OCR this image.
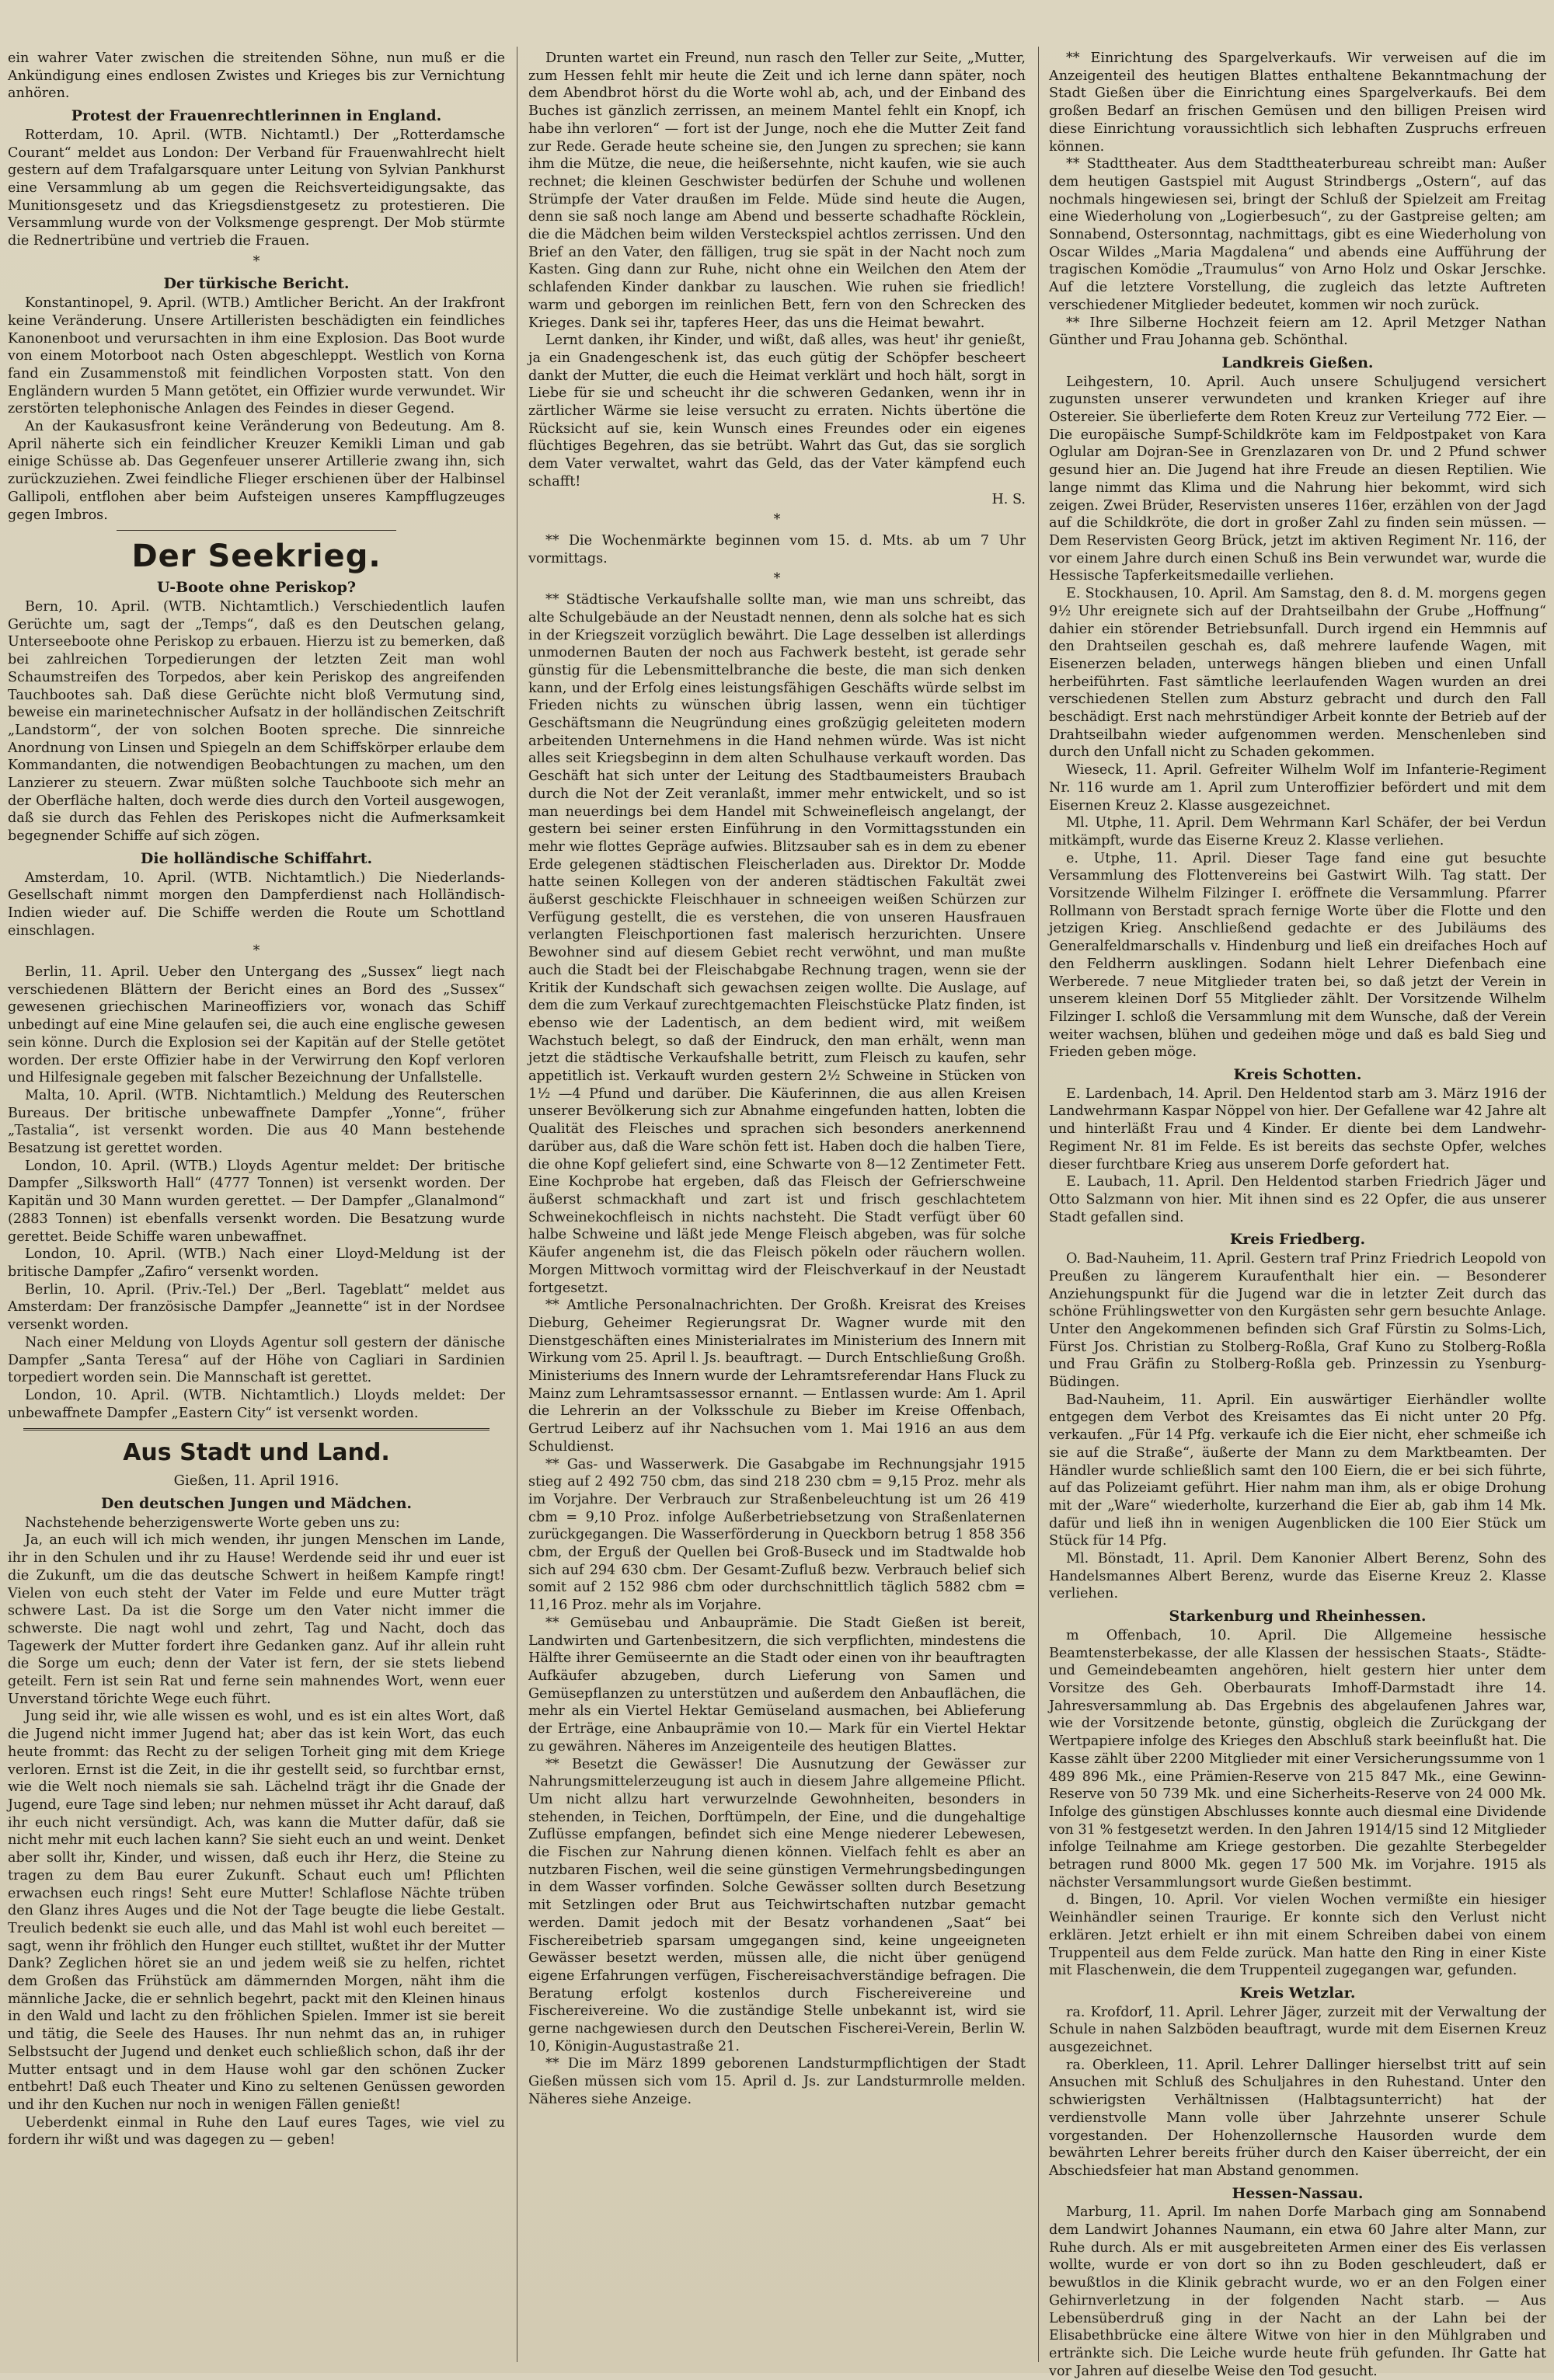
ein wahrer Vater zwischen die streitenden Söhne, nun muß er die Ankündigung eines endlosen Zwistes und Krieges bis zur Vernichtung anhören.

Protest der Frauenrechtlerinnen in England.

Rotterdam, 10. April. (WTB. Nichtamtl.) Der „Rotterdamsche Courant“ meldet aus London: Der Verband für Frauenwahlrecht hielt gestern auf dem Trafalgarsquare unter Leitung von Sylvian Pankhurst eine Versammlung ab um gegen die Reichsverteidigungsakte, das Munitionsgesetz und das Kriegsdienstgesetz zu protestieren. Die Versammlung wurde von der Volksmenge gesprengt. Der Mob stürmte die Rednertribüne und vertrieb die Frauen.

*
Der türkische Bericht.

Konstantinopel, 9. April. (WTB.) Amtlicher Bericht. An der Irakfront keine Veränderung. Unsere Artilleristen beschädigten ein feindliches Kanonenboot und verursachten in ihm eine Explosion. Das Boot wurde von einem Motorboot nach Osten abgeschleppt. Westlich von Korna fand ein Zusammenstoß mit feindlichen Vorposten statt. Von den Engländern wurden 5 Mann getötet, ein Offizier wurde verwundet. Wir zerstörten telephonische Anlagen des Feindes in dieser Gegend.

An der Kaukasusfront keine Veränderung von Bedeutung. Am 8. April näherte sich ein feindlicher Kreuzer Kemikli Liman und gab einige Schüsse ab. Das Gegenfeuer unserer Artillerie zwang ihn, sich zurückzuziehen. Zwei feindliche Flieger erschienen über der Halbinsel Gallipoli, entflohen aber beim Aufsteigen unseres Kampfflugzeuges gegen Imbros.

Der Seekrieg.
U-Boote ohne Periskop?

Bern, 10. April. (WTB. Nichtamtlich.) Verschiedentlich laufen Gerüchte um, sagt der „Temps“, daß es den Deutschen gelang, Unterseeboote ohne Periskop zu erbauen. Hierzu ist zu bemerken, daß bei zahlreichen Torpedierungen der letzten Zeit man wohl Schaumstreifen des Torpedos, aber kein Periskop des angreifenden Tauchbootes sah. Daß diese Gerüchte nicht bloß Vermutung sind, beweise ein marinetechnischer Aufsatz in der holländischen Zeitschrift „Landstorm“, der von solchen Booten spreche. Die sinnreiche Anordnung von Linsen und Spiegeln an dem Schiffskörper erlaube dem Kommandanten, die notwendigen Beobachtungen zu machen, um den Lanzierer zu steuern. Zwar müßten solche Tauchboote sich mehr an der Oberfläche halten, doch werde dies durch den Vorteil ausgewogen, daß sie durch das Fehlen des Periskopes nicht die Aufmerksamkeit begegnender Schiffe auf sich zögen.

Die holländische Schiffahrt.

Amsterdam, 10. April. (WTB. Nichtamtlich.) Die Niederlands-Gesellschaft nimmt morgen den Dampferdienst nach Holländisch-Indien wieder auf. Die Schiffe werden die Route um Schottland einschlagen.

*

Berlin, 11. April. Ueber den Untergang des „Sussex“ liegt nach verschiedenen Blättern der Bericht eines an Bord des „Sussex“ gewesenen griechischen Marineoffiziers vor, wonach das Schiff unbedingt auf eine Mine gelaufen sei, die auch eine englische gewesen sein könne. Durch die Explosion sei der Kapitän auf der Stelle getötet worden. Der erste Offizier habe in der Verwirrung den Kopf verloren und Hilfesignale gegeben mit falscher Bezeichnung der Unfallstelle.

Malta, 10. April. (WTB. Nichtamtlich.) Meldung des Reuterschen Bureaus. Der britische unbewaffnete Dampfer „Yonne“, früher „Tastalia“, ist versenkt worden. Die aus 40 Mann bestehende Besatzung ist gerettet worden.

London, 10. April. (WTB.) Lloyds Agentur meldet: Der britische Dampfer „Silksworth Hall“ (4777 Tonnen) ist versenkt worden. Der Kapitän und 30 Mann wurden gerettet. — Der Dampfer „Glanalmond“ (2883 Tonnen) ist ebenfalls versenkt worden. Die Besatzung wurde gerettet. Beide Schiffe waren unbewaffnet.

London, 10. April. (WTB.) Nach einer Lloyd-Meldung ist der britische Dampfer „Zafiro“ versenkt worden.

Berlin, 10. April. (Priv.-Tel.) Der „Berl. Tageblatt“ meldet aus Amsterdam: Der französische Dampfer „Jeannette“ ist in der Nordsee versenkt worden.

Nach einer Meldung von Lloyds Agentur soll gestern der dänische Dampfer „Santa Teresa“ auf der Höhe von Cagliari in Sardinien torpediert worden sein. Die Mannschaft ist gerettet.

London, 10. April. (WTB. Nichtamtlich.) Lloyds meldet: Der unbewaffnete Dampfer „Eastern City“ ist versenkt worden.

Aus Stadt und Land.
Gießen, 11. April 1916.
Den deutschen Jungen und Mädchen.

Nachstehende beherzigenswerte Worte geben uns zu:

Ja, an euch will ich mich wenden, ihr jungen Menschen im Lande, ihr in den Schulen und ihr zu Hause! Werdende seid ihr und euer ist die Zukunft, um die das deutsche Schwert in heißem Kampfe ringt! Vielen von euch steht der Vater im Felde und eure Mutter trägt schwere Last. Da ist die Sorge um den Vater nicht immer die schwerste. Die nagt wohl und zehrt, Tag und Nacht, doch das Tagewerk der Mutter fordert ihre Gedanken ganz. Auf ihr allein ruht die Sorge um euch; denn der Vater ist fern, der sie stets liebend geteilt. Fern ist sein Rat und ferne sein mahnendes Wort, wenn euer Unverstand törichte Wege euch führt.

Jung seid ihr, wie alle wissen es wohl, und es ist ein altes Wort, daß die Jugend nicht immer Jugend hat; aber das ist kein Wort, das euch heute frommt: das Recht zu der seligen Torheit ging mit dem Kriege verloren. Ernst ist die Zeit, in die ihr gestellt seid, so furchtbar ernst, wie die Welt noch niemals sie sah. Lächelnd trägt ihr die Gnade der Jugend, eure Tage sind leben; nur nehmen müsset ihr Acht darauf, daß ihr euch nicht versündigt. Ach, was kann die Mutter dafür, daß sie nicht mehr mit euch lachen kann? Sie sieht euch an und weint. Denket aber sollt ihr, Kinder, und wissen, daß euch ihr Herz, die Steine zu tragen zu dem Bau eurer Zukunft. Schaut euch um! Pflichten erwachsen euch rings! Seht eure Mutter! Schlaflose Nächte trüben den Glanz ihres Auges und die Not der Tage beugte die liebe Gestalt. Treulich bedenkt sie euch alle, und das Mahl ist wohl euch bereitet — sagt, wenn ihr fröhlich den Hunger euch stilltet, wußtet ihr der Mutter Dank? Zeglichen höret sie an und jedem weiß sie zu helfen, richtet dem Großen das Frühstück am dämmernden Morgen, näht ihm die männliche Jacke, die er sehnlich begehrt, packt mit den Kleinen hinaus in den Wald und lacht zu den fröhlichen Spielen. Immer ist sie bereit und tätig, die Seele des Hauses. Ihr nun nehmt das an, in ruhiger Selbstsucht der Jugend und denket euch schließlich schon, daß ihr der Mutter entsagt und in dem Hause wohl gar den schönen Zucker entbehrt! Daß euch Theater und Kino zu seltenen Genüssen geworden und ihr den Kuchen nur noch in wenigen Fällen genießt!

Ueberdenkt einmal in Ruhe den Lauf eures Tages, wie viel zu fordern ihr wißt und was dagegen zu — geben!

Drunten wartet ein Freund, nun rasch den Teller zur Seite, „Mutter, zum Hessen fehlt mir heute die Zeit und ich lerne dann später, noch dem Abendbrot hörst du die Worte wohl ab, ach, und der Einband des Buches ist gänzlich zerrissen, an meinem Mantel fehlt ein Knopf, ich habe ihn verloren“ — fort ist der Junge, noch ehe die Mutter Zeit fand zur Rede. Gerade heute scheine sie, den Jungen zu sprechen; sie kann ihm die Mütze, die neue, die heißersehnte, nicht kaufen, wie sie auch rechnet; die kleinen Geschwister bedürfen der Schuhe und wollenen Strümpfe der Vater draußen im Felde. Müde sind heute die Augen, denn sie saß noch lange am Abend und besserte schadhafte Röcklein, die die Mädchen beim wilden Versteckspiel achtlos zerrissen. Und den Brief an den Vater, den fälligen, trug sie spät in der Nacht noch zum Kasten. Ging dann zur Ruhe, nicht ohne ein Weilchen den Atem der schlafenden Kinder dankbar zu lauschen. Wie ruhen sie friedlich! warm und geborgen im reinlichen Bett, fern von den Schrecken des Krieges. Dank sei ihr, tapferes Heer, das uns die Heimat bewahrt.

Lernt danken, ihr Kinder, und wißt, daß alles, was heut' ihr genießt, ja ein Gnadengeschenk ist, das euch gütig der Schöpfer bescheert dankt der Mutter, die euch die Heimat verklärt und hoch hält, sorgt in Liebe für sie und scheucht ihr die schweren Gedanken, wenn ihr in zärtlicher Wärme sie leise versucht zu erraten. Nichts übertöne die Rücksicht auf sie, kein Wunsch eines Freundes oder ein eigenes flüchtiges Begehren, das sie betrübt. Wahrt das Gut, das sie sorglich dem Vater verwaltet, wahrt das Geld, das der Vater kämpfend euch schafft!

H. S.
*

** Die Wochenmärkte beginnen vom 15. d. Mts. ab um 7 Uhr vormittags.

*

** Städtische Verkaufshalle sollte man, wie man uns schreibt, das alte Schulgebäude an der Neustadt nennen, denn als solche hat es sich in der Kriegszeit vorzüglich bewährt. Die Lage desselben ist allerdings unmodernen Bauten der noch aus Fachwerk besteht, ist gerade sehr günstig für die Lebensmittelbranche die beste, die man sich denken kann, und der Erfolg eines leistungsfähigen Geschäfts würde selbst im Frieden nichts zu wünschen übrig lassen, wenn ein tüchtiger Geschäftsmann die Neugründung eines großzügig geleiteten modern arbeitenden Unternehmens in die Hand nehmen würde. Was ist nicht alles seit Kriegsbeginn in dem alten Schulhause verkauft worden. Das Geschäft hat sich unter der Leitung des Stadtbaumeisters Braubach durch die Not der Zeit veranlaßt, immer mehr entwickelt, und so ist man neuerdings bei dem Handel mit Schweinefleisch angelangt, der gestern bei seiner ersten Einführung in den Vormittagsstunden ein mehr wie flottes Gepräge aufwies. Blitzsauber sah es in dem zu ebener Erde gelegenen städtischen Fleischerladen aus. Direktor Dr. Modde hatte seinen Kollegen von der anderen städtischen Fakultät zwei äußerst geschickte Fleischhauer in schneeigen weißen Schürzen zur Verfügung gestellt, die es verstehen, die von unseren Hausfrauen verlangten Fleischportionen fast malerisch herzurichten. Unsere Bewohner sind auf diesem Gebiet recht verwöhnt, und man mußte auch die Stadt bei der Fleischabgabe Rechnung tragen, wenn sie der Kritik der Kundschaft sich gewachsen zeigen wollte. Die Auslage, auf dem die zum Verkauf zurechtgemachten Fleischstücke Platz finden, ist ebenso wie der Ladentisch, an dem bedient wird, mit weißem Wachstuch belegt, so daß der Eindruck, den man erhält, wenn man jetzt die städtische Verkaufshalle betritt, zum Fleisch zu kaufen, sehr appetitlich ist. Verkauft wurden gestern 2½ Schweine in Stücken von 1½ —4 Pfund und darüber. Die Käuferinnen, die aus allen Kreisen unserer Bevölkerung sich zur Abnahme eingefunden hatten, lobten die Qualität des Fleisches und sprachen sich besonders anerkennend darüber aus, daß die Ware schön fett ist. Haben doch die halben Tiere, die ohne Kopf geliefert sind, eine Schwarte von 8—12 Zentimeter Fett. Eine Kochprobe hat ergeben, daß das Fleisch der Gefrierschweine äußerst schmackhaft und zart ist und frisch geschlachtetem Schweinekochfleisch in nichts nachsteht. Die Stadt verfügt über 60 halbe Schweine und läßt jede Menge Fleisch abgeben, was für solche Käufer angenehm ist, die das Fleisch pökeln oder räuchern wollen. Morgen Mittwoch vormittag wird der Fleischverkauf in der Neustadt fortgesetzt.

** Amtliche Personalnachrichten. Der Großh. Kreisrat des Kreises Dieburg, Geheimer Regierungsrat Dr. Wagner wurde mit den Dienstgeschäften eines Ministerialrates im Ministerium des Innern mit Wirkung vom 25. April l. Js. beauftragt. — Durch Entschließung Großh. Ministeriums des Innern wurde der Lehramtsreferendar Hans Fluck zu Mainz zum Lehramtsassessor ernannt. — Entlassen wurde: Am 1. April die Lehrerin an der Volksschule zu Bieber im Kreise Offenbach, Gertrud Leiberz auf ihr Nachsuchen vom 1. Mai 1916 an aus dem Schuldienst.

** Gas- und Wasserwerk. Die Gasabgabe im Rechnungsjahr 1915 stieg auf 2 492 750 cbm, das sind 218 230 cbm = 9,15 Proz. mehr als im Vorjahre. Der Verbrauch zur Straßenbeleuchtung ist um 26 419 cbm = 9,10 Proz. infolge Außerbetriebsetzung von Straßenlaternen zurückgegangen. Die Wasserförderung in Queckborn betrug 1 858 356 cbm, der Erguß der Quellen bei Groß-Buseck und im Stadtwalde hob sich auf 294 630 cbm. Der Gesamt-Zufluß bezw. Verbrauch belief sich somit auf 2 152 986 cbm oder durchschnittlich täglich 5882 cbm = 11,16 Proz. mehr als im Vorjahre.

** Gemüsebau und Anbauprämie. Die Stadt Gießen ist bereit, Landwirten und Gartenbesitzern, die sich verpflichten, mindestens die Hälfte ihrer Gemüseernte an die Stadt oder einen von ihr beauftragten Aufkäufer abzugeben, durch Lieferung von Samen und Gemüsepflanzen zu unterstützen und außerdem den Anbauflächen, die mehr als ein Viertel Hektar Gemüseland ausmachen, bei Ablieferung der Erträge, eine Anbauprämie von 10.— Mark für ein Viertel Hektar zu gewähren. Näheres im Anzeigenteile des heutigen Blattes.

** Besetzt die Gewässer! Die Ausnutzung der Gewässer zur Nahrungsmittelerzeugung ist auch in diesem Jahre allgemeine Pflicht. Um nicht allzu hart verwurzelnde Gewohnheiten, besonders in stehenden, in Teichen, Dorftümpeln, der Eine, und die dungehaltige Zuflüsse empfangen, befindet sich eine Menge niederer Lebewesen, die Fischen zur Nahrung dienen können. Vielfach fehlt es aber an nutzbaren Fischen, weil die seine günstigen Vermehrungsbedingungen in dem Wasser vorfinden. Solche Gewässer sollten durch Besetzung mit Setzlingen oder Brut aus Teichwirtschaften nutzbar gemacht werden. Damit jedoch mit der Besatz vorhandenen „Saat“ bei Fischereibetrieb sparsam umgegangen sind, keine ungeeigneten Gewässer besetzt werden, müssen alle, die nicht über genügend eigene Erfahrungen verfügen, Fischereisachverständige befragen. Die Beratung erfolgt kostenlos durch Fischereivereine und Fischereivereine. Wo die zuständige Stelle unbekannt ist, wird sie gerne nachgewiesen durch den Deutschen Fischerei-Verein, Berlin W. 10, Königin-Augustastraße 21.

** Die im März 1899 geborenen Landsturmpflichtigen der Stadt Gießen müssen sich vom 15. April d. Js. zur Landsturmrolle melden. Näheres siehe Anzeige.

** Einrichtung des Spargelverkaufs. Wir verweisen auf die im Anzeigenteil des heutigen Blattes enthaltene Bekanntmachung der Stadt Gießen über die Einrichtung eines Spargelverkaufs. Bei dem großen Bedarf an frischen Gemüsen und den billigen Preisen wird diese Einrichtung voraussichtlich sich lebhaften Zuspruchs erfreuen können.

** Stadttheater. Aus dem Stadttheaterbureau schreibt man: Außer dem heutigen Gastspiel mit August Strindbergs „Ostern“, auf das nochmals hingewiesen sei, bringt der Schluß der Spielzeit am Freitag eine Wiederholung von „Logierbesuch“, zu der Gastpreise gelten; am Sonnabend, Ostersonntag, nachmittags, gibt es eine Wiederholung von Oscar Wildes „Maria Magdalena“ und abends eine Aufführung der tragischen Komödie „Traumulus“ von Arno Holz und Oskar Jerschke. Auf die letztere Vorstellung, die zugleich das letzte Auftreten verschiedener Mitglieder bedeutet, kommen wir noch zurück.

** Ihre Silberne Hochzeit feiern am 12. April Metzger Nathan Günther und Frau Johanna geb. Schönthal.

Landkreis Gießen.

Leihgestern, 10. April. Auch unsere Schuljugend versichert zugunsten unserer verwundeten und kranken Krieger auf ihre Ostereier. Sie überlieferte dem Roten Kreuz zur Verteilung 772 Eier. — Die europäische Sumpf-Schildkröte kam im Feldpostpaket von Kara Oglular am Dojran-See in Grenzlazaren von Dr. und 2 Pfund schwer gesund hier an. Die Jugend hat ihre Freude an diesen Reptilien. Wie lange nimmt das Klima und die Nahrung hier bekommt, wird sich zeigen. Zwei Brüder, Reservisten unseres 116er, erzählen von der Jagd auf die Schildkröte, die dort in großer Zahl zu finden sein müssen. — Dem Reservisten Georg Brück, jetzt im aktiven Regiment Nr. 116, der vor einem Jahre durch einen Schuß ins Bein verwundet war, wurde die Hessische Tapferkeitsmedaille verliehen.

E. Stockhausen, 10. April. Am Samstag, den 8. d. M. morgens gegen 9½ Uhr ereignete sich auf der Drahtseilbahn der Grube „Hoffnung“ dahier ein störender Betriebsunfall. Durch irgend ein Hemmnis auf den Drahtseilen geschah es, daß mehrere laufende Wagen, mit Eisenerzen beladen, unterwegs hängen blieben und einen Unfall herbeiführten. Fast sämtliche leerlaufenden Wagen wurden an drei verschiedenen Stellen zum Absturz gebracht und durch den Fall beschädigt. Erst nach mehrstündiger Arbeit konnte der Betrieb auf der Drahtseilbahn wieder aufgenommen werden. Menschenleben sind durch den Unfall nicht zu Schaden gekommen.

Wieseck, 11. April. Gefreiter Wilhelm Wolf im Infanterie-Regiment Nr. 116 wurde am 1. April zum Unteroffizier befördert und mit dem Eisernen Kreuz 2. Klasse ausgezeichnet.

Ml. Utphe, 11. April. Dem Wehrmann Karl Schäfer, der bei Verdun mitkämpft, wurde das Eiserne Kreuz 2. Klasse verliehen.

e. Utphe, 11. April. Dieser Tage fand eine gut besuchte Versammlung des Flottenvereins bei Gastwirt Wilh. Tag statt. Der Vorsitzende Wilhelm Filzinger I. eröffnete die Versammlung. Pfarrer Rollmann von Berstadt sprach fernige Worte über die Flotte und den jetzigen Krieg. Anschließend gedachte er des Jubiläums des Generalfeldmarschalls v. Hindenburg und ließ ein dreifaches Hoch auf den Feldherrn ausklingen. Sodann hielt Lehrer Diefenbach eine Werberede. 7 neue Mitglieder traten bei, so daß jetzt der Verein in unserem kleinen Dorf 55 Mitglieder zählt. Der Vorsitzende Wilhelm Filzinger I. schloß die Versammlung mit dem Wunsche, daß der Verein weiter wachsen, blühen und gedeihen möge und daß es bald Sieg und Frieden geben möge.

Kreis Schotten.

E. Lardenbach, 14. April. Den Heldentod starb am 3. März 1916 der Landwehrmann Kaspar Nöppel von hier. Der Gefallene war 42 Jahre alt und hinterläßt Frau und 4 Kinder. Er diente bei dem Landwehr-Regiment Nr. 81 im Felde. Es ist bereits das sechste Opfer, welches dieser furchtbare Krieg aus unserem Dorfe gefordert hat.

E. Laubach, 11. April. Den Heldentod starben Friedrich Jäger und Otto Salzmann von hier. Mit ihnen sind es 22 Opfer, die aus unserer Stadt gefallen sind.

Kreis Friedberg.

O. Bad-Nauheim, 11. April. Gestern traf Prinz Friedrich Leopold von Preußen zu längerem Kuraufenthalt hier ein. — Besonderer Anziehungspunkt für die Jugend war die in letzter Zeit durch das schöne Frühlingswetter von den Kurgästen sehr gern besuchte Anlage. Unter den Angekommenen befinden sich Graf Fürstin zu Solms-Lich, Fürst Jos. Christian zu Stolberg-Roßla, Graf Kuno zu Stolberg-Roßla und Frau Gräfin zu Stolberg-Roßla geb. Prinzessin zu Ysenburg-Büdingen.

Bad-Nauheim, 11. April. Ein auswärtiger Eierhändler wollte entgegen dem Verbot des Kreisamtes das Ei nicht unter 20 Pfg. verkaufen. „Für 14 Pfg. verkaufe ich die Eier nicht, eher schmeiße ich sie auf die Straße“, äußerte der Mann zu dem Marktbeamten. Der Händler wurde schließlich samt den 100 Eiern, die er bei sich führte, auf das Polizeiamt geführt. Hier nahm man ihm, als er obige Drohung mit der „Ware“ wiederholte, kurzerhand die Eier ab, gab ihm 14 Mk. dafür und ließ ihn in wenigen Augenblicken die 100 Eier Stück um Stück für 14 Pfg.

Ml. Bönstadt, 11. April. Dem Kanonier Albert Berenz, Sohn des Handelsmannes Albert Berenz, wurde das Eiserne Kreuz 2. Klasse verliehen.

Starkenburg und Rheinhessen.

m Offenbach, 10. April. Die Allgemeine hessische Beamtensterbekasse, der alle Klassen der hessischen Staats-, Städte- und Gemeindebeamten angehören, hielt gestern hier unter dem Vorsitze des Geh. Oberbaurats Imhoff-Darmstadt ihre 14. Jahresversammlung ab. Das Ergebnis des abgelaufenen Jahres war, wie der Vorsitzende betonte, günstig, obgleich die Zurückgang der Wertpapiere infolge des Krieges den Abschluß stark beeinflußt hat. Die Kasse zählt über 2200 Mitglieder mit einer Versicherungssumme von 1 489 896 Mk., eine Prämien-Reserve von 215 847 Mk., eine Gewinn-Reserve von 50 739 Mk. und eine Sicherheits-Reserve von 24 000 Mk. Infolge des günstigen Abschlusses konnte auch diesmal eine Dividende von 31 % festgesetzt werden. In den Jahren 1914/15 sind 12 Mitglieder infolge Teilnahme am Kriege gestorben. Die gezahlte Sterbegelder betragen rund 8000 Mk. gegen 17 500 Mk. im Vorjahre. 1915 als nächster Versammlungsort wurde Gießen bestimmt.

d. Bingen, 10. April. Vor vielen Wochen vermißte ein hiesiger Weinhändler seinen Traurige. Er konnte sich den Verlust nicht erklären. Jetzt erhielt er ihn mit einem Schreiben dabei von einem Truppenteil aus dem Felde zurück. Man hatte den Ring in einer Kiste mit Flaschenwein, die dem Truppenteil zugegangen war, gefunden.

Kreis Wetzlar.

ra. Krofdorf, 11. April. Lehrer Jäger, zurzeit mit der Verwaltung der Schule in nahen Salzböden beauftragt, wurde mit dem Eisernen Kreuz ausgezeichnet.

ra. Oberkleen, 11. April. Lehrer Dallinger hierselbst tritt auf sein Ansuchen mit Schluß des Schuljahres in den Ruhestand. Unter den schwierigsten Verhältnissen (Halbtagsunterricht) hat der verdienstvolle Mann volle über Jahrzehnte unserer Schule vorgestanden. Der Hohenzollernsche Hausorden wurde dem bewährten Lehrer bereits früher durch den Kaiser überreicht, der ein Abschiedsfeier hat man Abstand genommen.

Hessen-Nassau.

Marburg, 11. April. Im nahen Dorfe Marbach ging am Sonnabend dem Landwirt Johannes Naumann, ein etwa 60 Jahre alter Mann, zur Ruhe durch. Als er mit ausgebreiteten Armen einer des Eis verlassen wollte, wurde er von dort so ihn zu Boden geschleudert, daß er bewußtlos in die Klinik gebracht wurde, wo er an den Folgen einer Gehirnverletzung in der folgenden Nacht starb. — Aus Lebensüberdruß ging in der Nacht an der Lahn bei der Elisabethbrücke eine ältere Witwe von hier in den Mühlgraben und ertränkte sich. Die Leiche wurde heute früh gefunden. Ihr Gatte hat vor Jahren auf dieselbe Weise den Tod gesucht.
